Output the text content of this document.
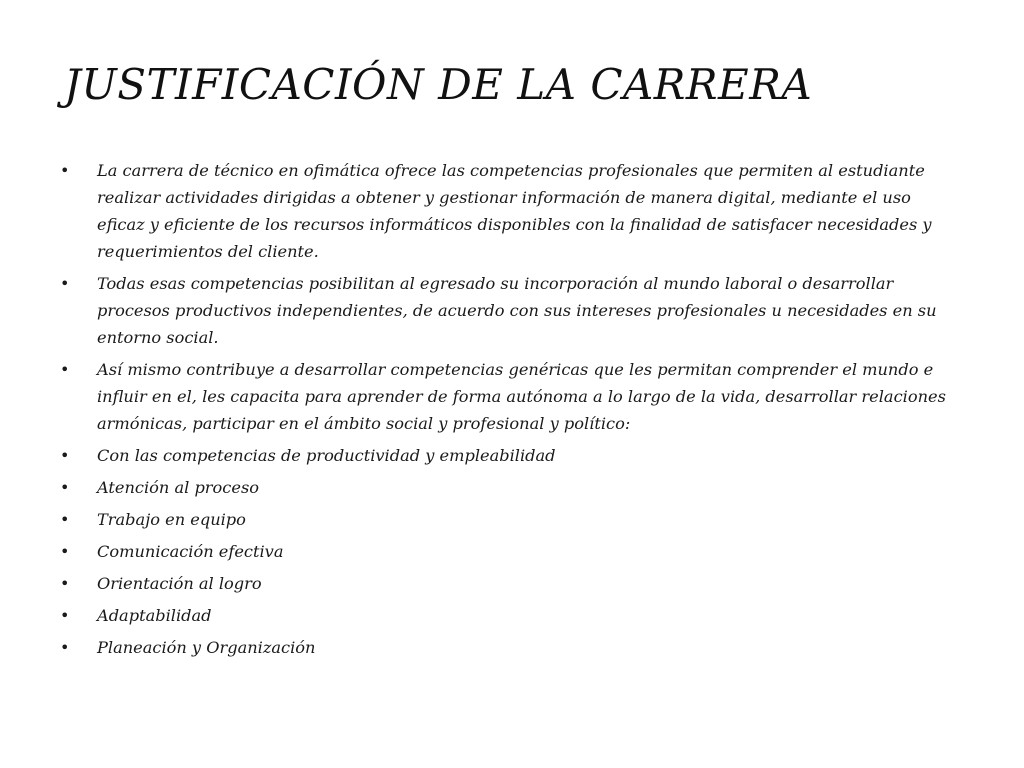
JUSTIFICACIÓN DE LA CARRERA
• La carrera de técnico en ofimática ofrece las competencias profesionales que permiten al estudiante realizar actividades dirigidas a obtener y gestionar información de manera digital, mediante el uso eficaz y eficiente de los recursos informáticos disponibles con la finalidad de satisfacer necesidades y requerimientos del cliente.
• Todas esas competencias posibilitan al egresado su incorporación al mundo laboral o desarrollar procesos productivos independientes, de acuerdo con sus intereses profesionales u necesidades en su entorno social.
• Así mismo contribuye a desarrollar competencias genéricas que les permitan comprender el mundo e influir en el, les capacita para aprender de forma autónoma a lo largo de la vida, desarrollar relaciones armónicas, participar en el ámbito social y profesional y político:
• Con las competencias de productividad y empleabilidad
• Atención al proceso
• Trabajo en equipo
• Comunicación efectiva
• Orientación al logro
• Adaptabilidad
• Planeación y Organización
